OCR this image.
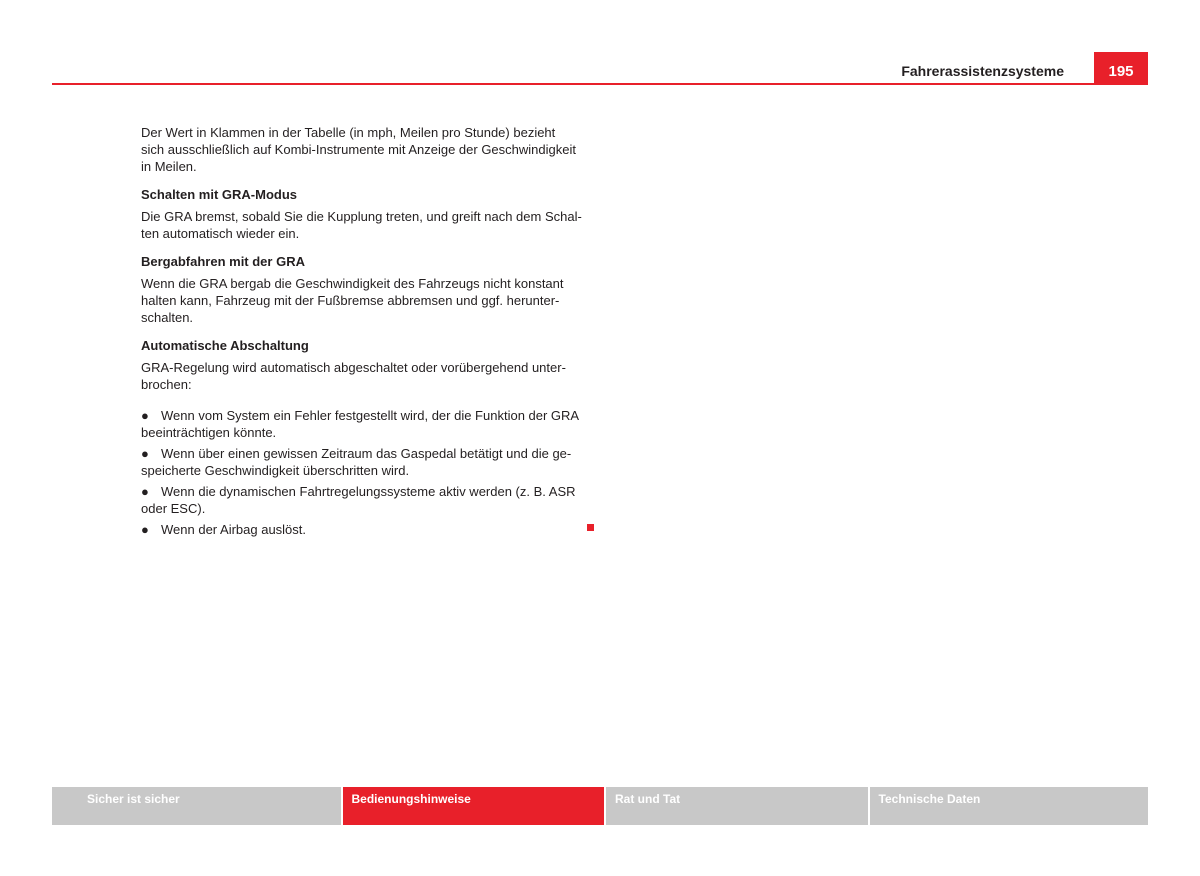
Fahrerassistenzsysteme	195

Der Wert in Klammen in der Tabelle (in mph, Meilen pro Stunde) bezieht
sich ausschließlich auf Kombi-Instrumente mit Anzeige der Geschwindigkeit
in Meilen.

Schalten mit GRA-Modus

Die GRA bremst, sobald Sie die Kupplung treten, und greift nach dem Schal-
ten automatisch wieder ein.

Bergabfahren mit der GRA

Wenn die GRA bergab die Geschwindigkeit des Fahrzeugs nicht konstant
halten kann, Fahrzeug mit der Fußbremse abbremsen und ggf. herunter-
schalten.

Automatische Abschaltung

GRA-Regelung wird automatisch abgeschaltet oder vorübergehend unter-
brochen:

● Wenn vom System ein Fehler festgestellt wird, der die Funktion der GRA
beeinträchtigen könnte.
● Wenn über einen gewissen Zeitraum das Gaspedal betätigt und die ge-
speicherte Geschwindigkeit überschritten wird.
● Wenn die dynamischen Fahrtregelungssysteme aktiv werden (z. B. ASR
oder ESC).
● Wenn der Airbag auslöst.
Sicher ist sicher	Bedienungshinweise	Rat und Tat	Technische Daten
